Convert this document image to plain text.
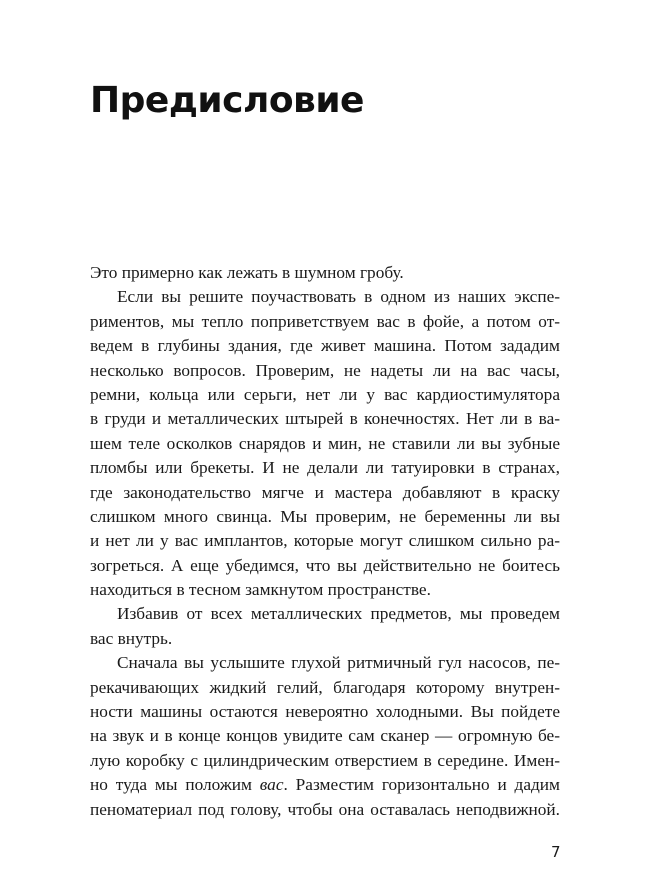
Предисловие
Это примерно как лежать в шумном гробу.
Если вы решите поучаствовать в одном из наших экспе-
риментов, мы тепло поприветствуем вас в фойе, а потом от-
ведем в глубины здания, где живет машина. Потом зададим
несколько вопросов. Проверим, не надеты ли на вас часы,
ремни, кольца или серьги, нет ли у вас кардиостимулятора
в груди и металлических штырей в конечностях. Нет ли в ва-
шем теле осколков снарядов и мин, не ставили ли вы зубные
пломбы или брекеты. И не делали ли татуировки в странах,
где законодательство мягче и мастера добавляют в краску
слишком много свинца. Мы проверим, не беременны ли вы
и нет ли у вас имплантов, которые могут слишком сильно ра-
зогреться. А еще убедимся, что вы действительно не боитесь
находиться в тесном замкнутом пространстве.
Избавив от всех металлических предметов, мы проведем
вас внутрь.
Сначала вы услышите глухой ритмичный гул насосов, пе-
рекачивающих жидкий гелий, благодаря которому внутрен-
ности машины остаются невероятно холодными. Вы пойдете
на звук и в конце концов увидите сам сканер — огромную бе-
лую коробку с цилиндрическим отверстием в середине. Имен-
но туда мы положим вас. Разместим горизонтально и дадим
пеноматериал под голову, чтобы она оставалась неподвижной.
7
